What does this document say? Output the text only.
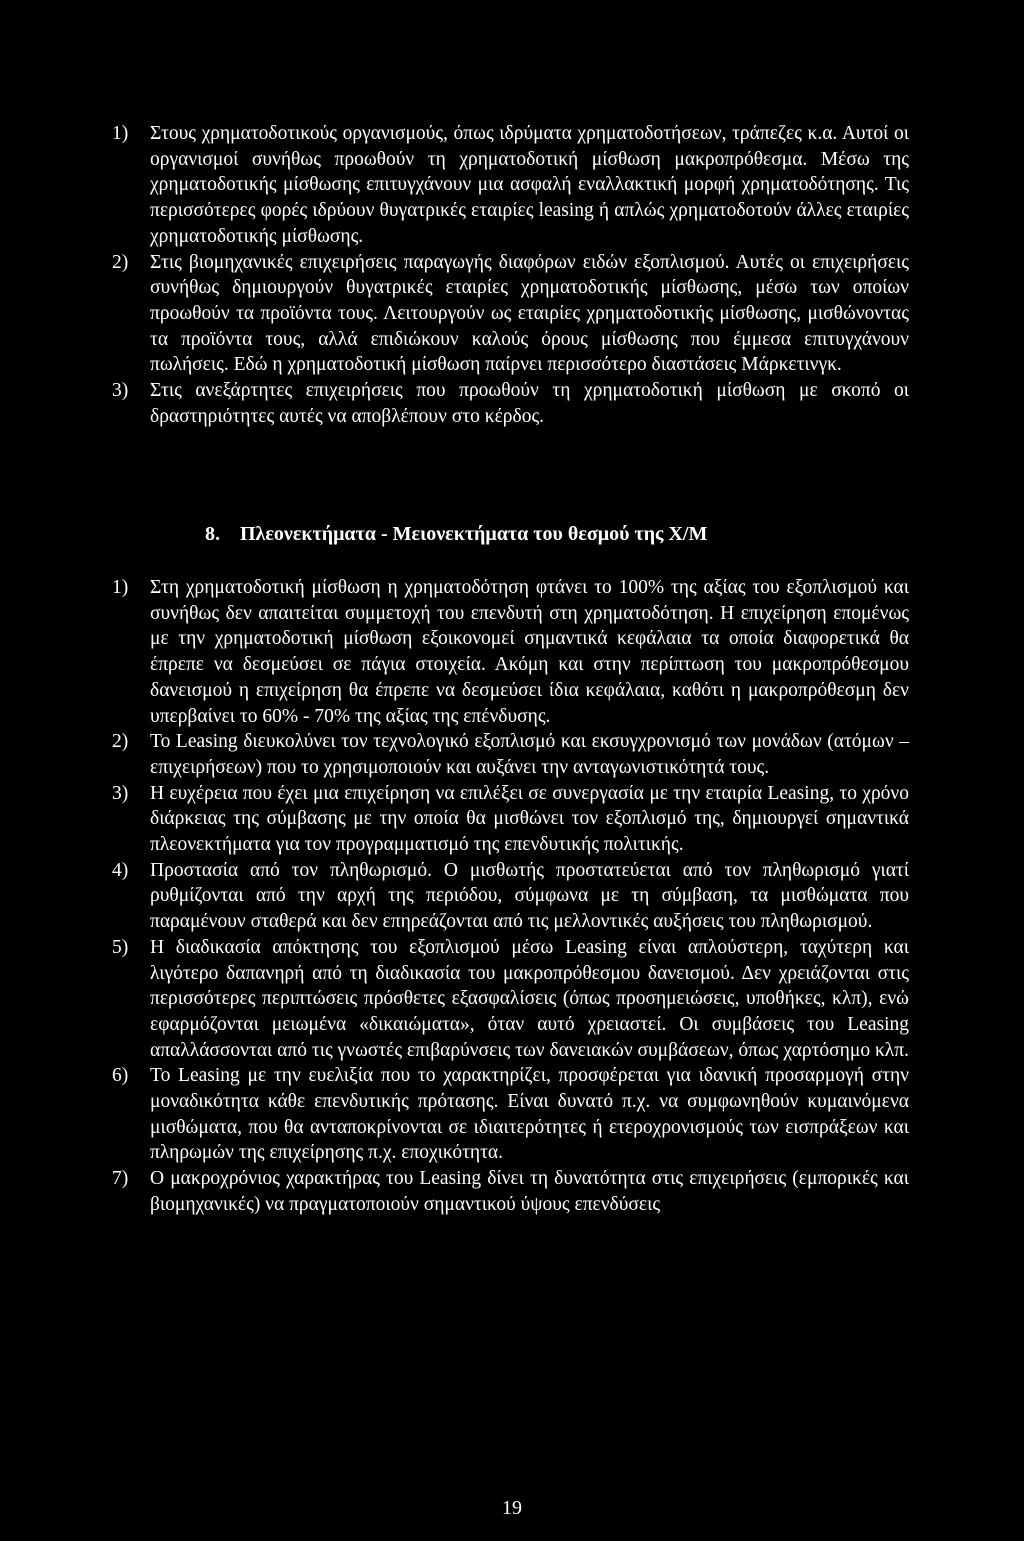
1)	Στους χρηματοδοτικούς οργανισμούς, όπως ιδρύματα χρηματοδοτήσεων, τράπεζες κ.α. Αυτοί οι οργανισμοί συνήθως προωθούν τη χρηματοδοτική μίσθωση μακροπρόθεσμα. Μέσω της χρηματοδοτικής μίσθωσης επιτυγχάνουν μια ασφαλή εναλλακτική μορφή χρηματοδότησης. Τις περισσότερες φορές ιδρύουν θυγατρικές εταιρίες leasing ή απλώς χρηματοδοτούν άλλες εταιρίες χρηματοδοτικής μίσθωσης.
2)	Στις βιομηχανικές επιχειρήσεις παραγωγής διαφόρων ειδών εξοπλισμού. Αυτές οι επιχειρήσεις συνήθως δημιουργούν θυγατρικές εταιρίες χρηματοδοτικής μίσθωσης, μέσω των οποίων προωθούν τα προϊόντα τους. Λειτουργούν ως εταιρίες χρηματοδοτικής μίσθωσης, μισθώνοντας τα προϊόντα τους, αλλά επιδιώκουν καλούς όρους μίσθωσης που έμμεσα επιτυγχάνουν πωλήσεις. Εδώ η χρηματοδοτική μίσθωση παίρνει περισσότερο διαστάσεις Μάρκετινγκ.
3)	Στις ανεξάρτητες επιχειρήσεις που προωθούν τη χρηματοδοτική μίσθωση με σκοπό οι δραστηριότητες αυτές να αποβλέπουν στο κέρδος.
8. Πλεονεκτήματα - Μειονεκτήματα του θεσμού της Χ/Μ
1)	Στη χρηματοδοτική μίσθωση η χρηματοδότηση φτάνει το 100% της αξίας του εξοπλισμού και συνήθως δεν απαιτείται συμμετοχή του επενδυτή στη χρηματοδότηση. Η επιχείρηση επομένως με την χρηματοδοτική μίσθωση εξοικονομεί σημαντικά κεφάλαια τα οποία διαφορετικά θα έπρεπε να δεσμεύσει σε πάγια στοιχεία. Ακόμη και στην περίπτωση του μακροπρόθεσμου δανεισμού η επιχείρηση θα έπρεπε να δεσμεύσει ίδια κεφάλαια, καθότι η μακροπρόθεσμη δεν υπερβαίνει το 60% - 70% της αξίας της επένδυσης.
2)	Το Leasing διευκολύνει τον τεχνολογικό εξοπλισμό και εκσυγχρονισμό των μονάδων (ατόμων – επιχειρήσεων) που το χρησιμοποιούν και αυξάνει την ανταγωνιστικότητά τους.
3)	Η ευχέρεια που έχει μια επιχείρηση να επιλέξει σε συνεργασία με την εταιρία Leasing, το χρόνο διάρκειας της σύμβασης με την οποία θα μισθώνει τον εξοπλισμό της, δημιουργεί σημαντικά πλεονεκτήματα για τον προγραμματισμό της επενδυτικής πολιτικής.
4)	Προστασία από τον πληθωρισμό. Ο μισθωτής προστατεύεται από τον πληθωρισμό γιατί ρυθμίζονται από την αρχή της περιόδου, σύμφωνα με τη σύμβαση, τα μισθώματα που παραμένουν σταθερά και δεν επηρεάζονται από τις μελλοντικές αυξήσεις του πληθωρισμού.
5)	Η διαδικασία απόκτησης του εξοπλισμού μέσω Leasing είναι απλούστερη, ταχύτερη και λιγότερο δαπανηρή από τη διαδικασία του μακροπρόθεσμου δανεισμού. Δεν χρειάζονται στις περισσότερες περιπτώσεις πρόσθετες εξασφαλίσεις (όπως προσημειώσεις, υποθήκες, κλπ), ενώ εφαρμόζονται μειωμένα «δικαιώματα», όταν αυτό χρειαστεί. Οι συμβάσεις του Leasing απαλλάσσονται από τις γνωστές επιβαρύνσεις των δανειακών συμβάσεων, όπως χαρτόσημο κλπ.
6)	Το Leasing με την ευελιξία που το χαρακτηρίζει, προσφέρεται για ιδανική προσαρμογή στην μοναδικότητα κάθε επενδυτικής πρότασης. Είναι δυνατό π.χ. να συμφωνηθούν κυμαινόμενα μισθώματα, που θα ανταποκρίνονται σε ιδιαιτερότητες ή ετεροχρονισμούς των εισπράξεων και πληρωμών της επιχείρησης π.χ. εποχικότητα.
7)	Ο μακροχρόνιος χαρακτήρας του Leasing δίνει τη δυνατότητα στις επιχειρήσεις (εμπορικές και βιομηχανικές) να πραγματοποιούν σημαντικού ύψους επενδύσεις
19
